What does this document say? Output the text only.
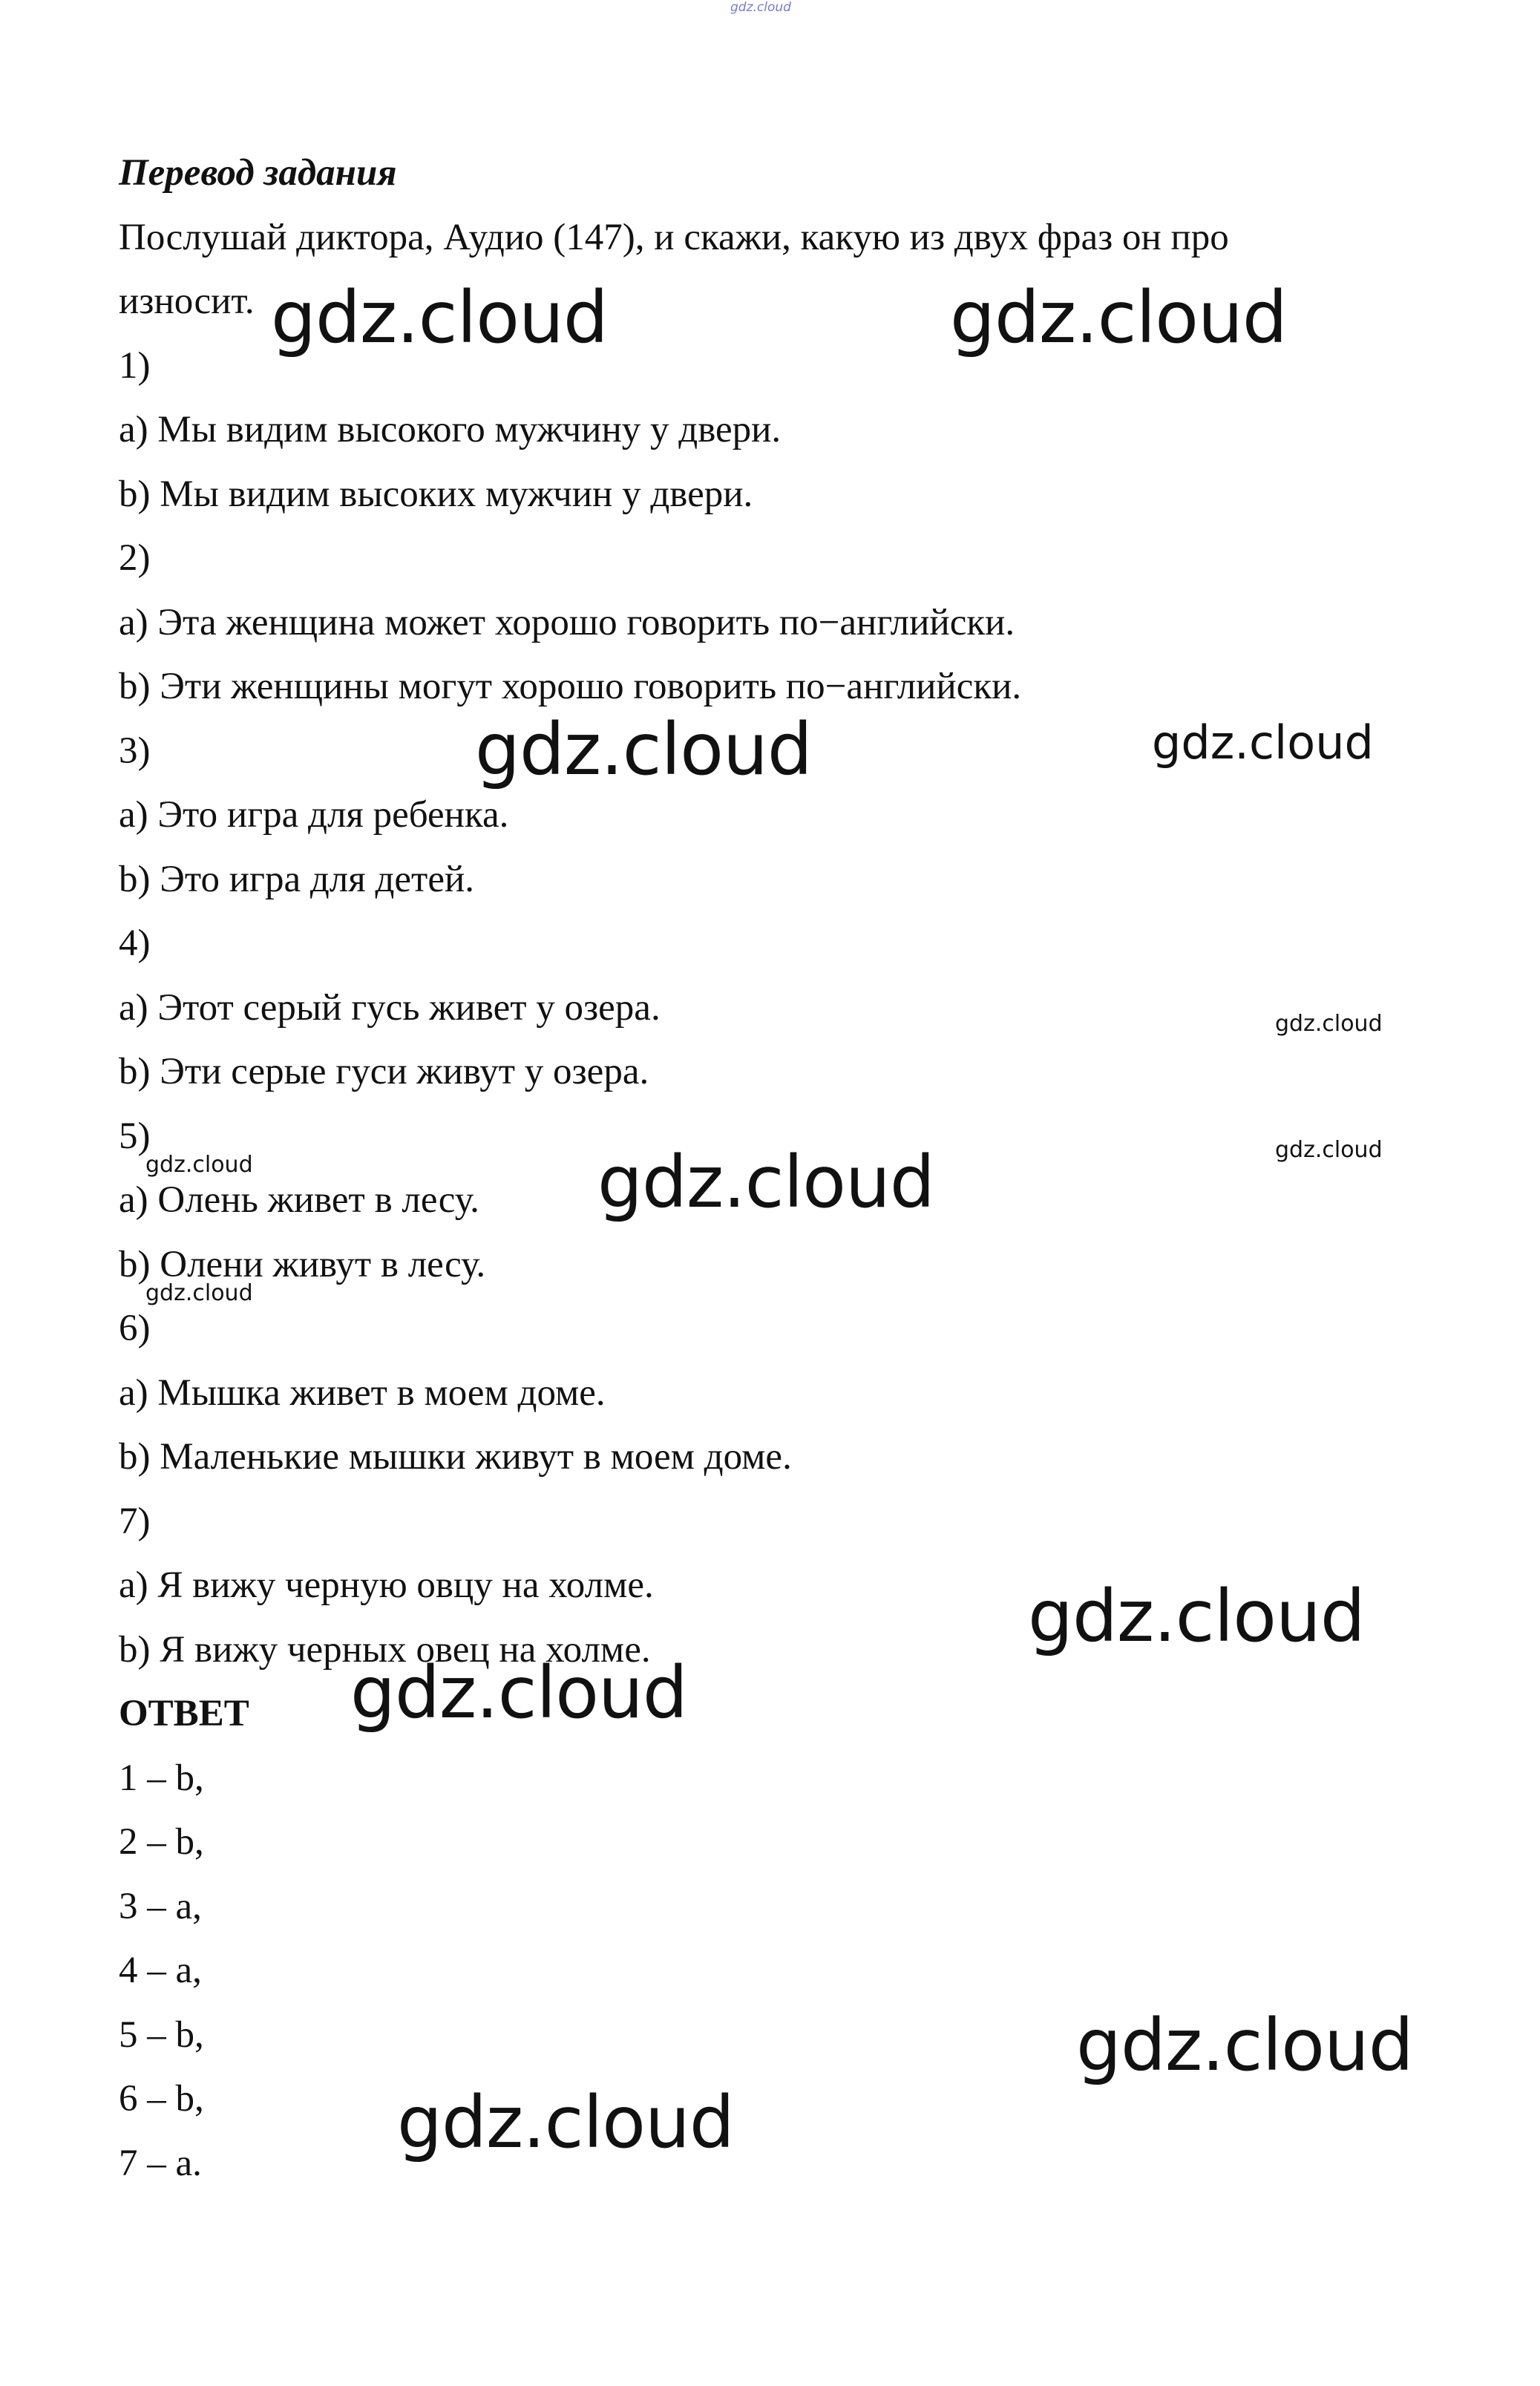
Перевод задания

Послушай диктора, Аудио (147), и скажи, какую из двух фраз он про

износит.

1)

a) Мы видим высокого мужчину у двери.

b) Мы видим высоких мужчин у двери.

2)

a) Эта женщина может хорошо говорить по−английски.

b) Эти женщины могут хорошо говорить по−английски.

3)

a) Это игра для ребенка.

b) Это игра для детей.

4)

a) Этот серый гусь живет у озера.

b) Эти серые гуси живут у озера.

5)

a) Олень живет в лесу.

b) Олени живут в лесу.

6)

a) Мышка живет в моем доме.

b) Маленькие мышки живут в моем доме.

7)

a) Я вижу черную овцу на холме.

b) Я вижу черных овец на холме.

ОТВЕТ

1 – b,

2 – b,

3 – a,

4 – a,

5 – b,

6 – b,

7 – a.

gdz.cloud
gdz.cloud	gdz.cloud
gdz.cloud	gdz.cloud
gdz.cloud
gdz.cloud
gdz.cloud	gdz.cloud
gdz.cloud
gdz.cloud
gdz.cloud
gdz.cloud
gdz.cloud
